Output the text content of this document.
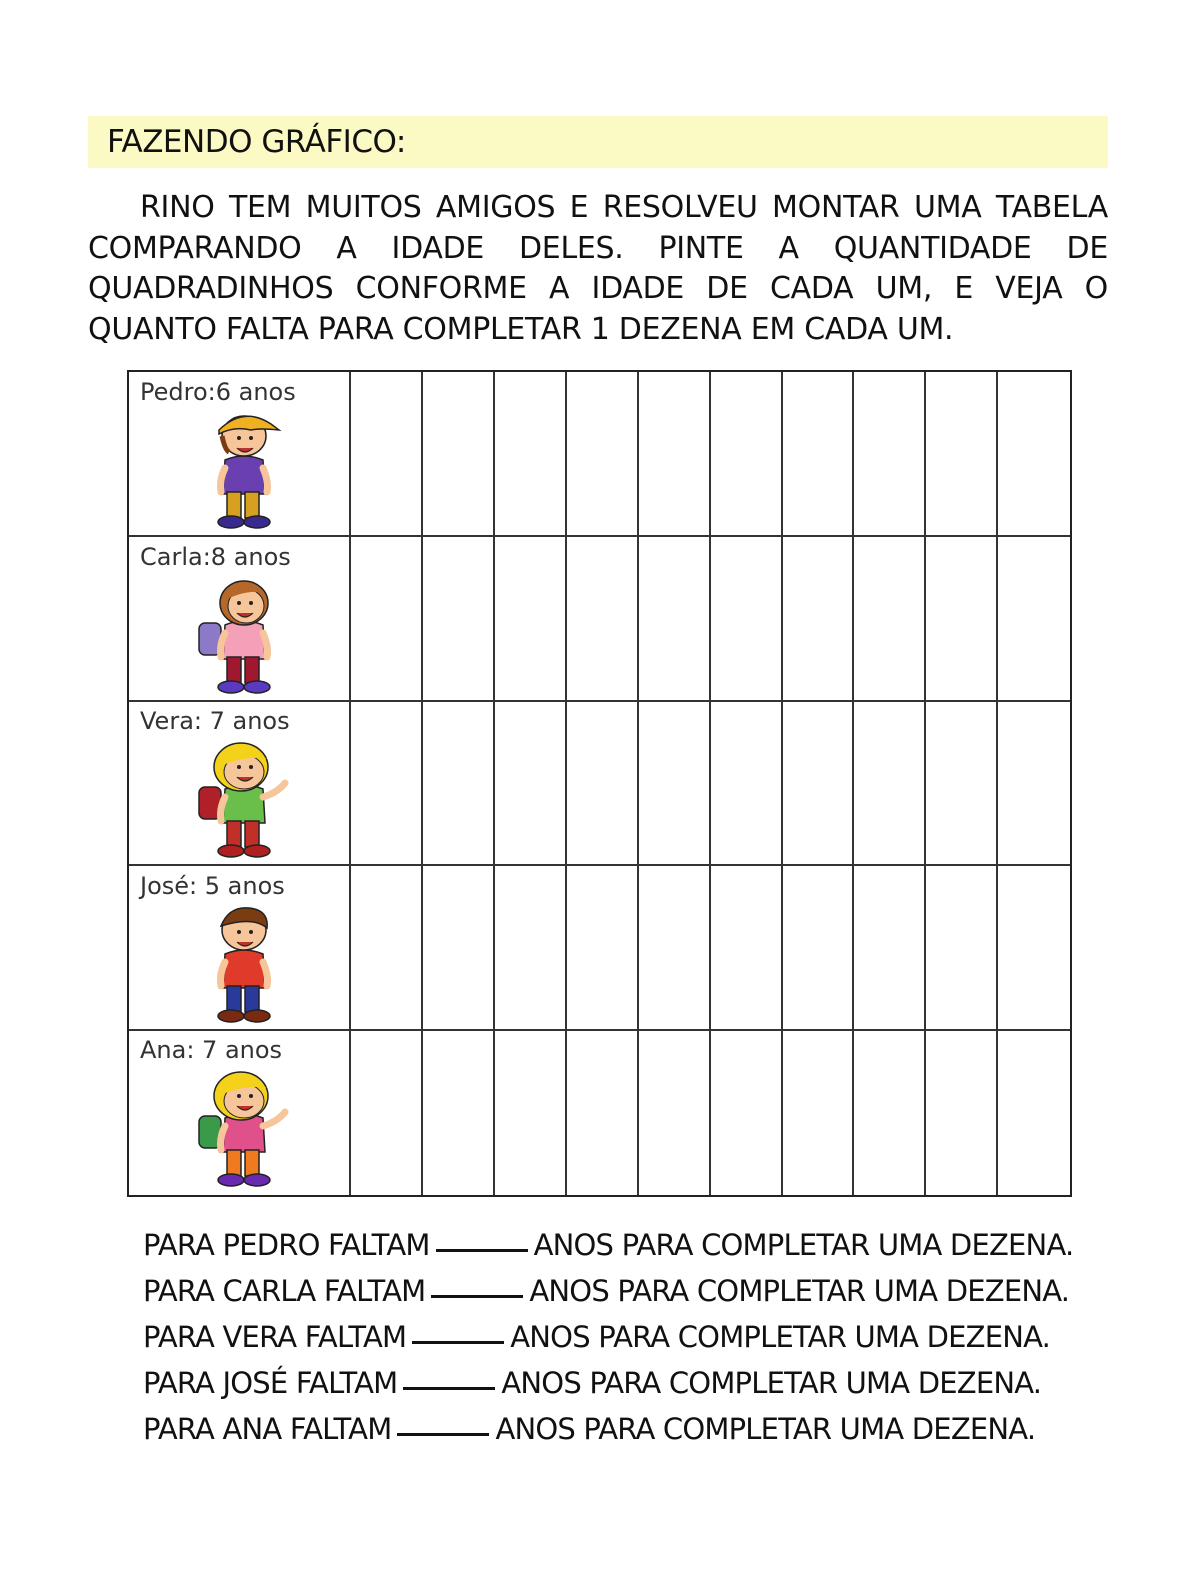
FAZENDO GRÁFICO:

RINO TEM MUITOS AMIGOS E RESOLVEU MONTAR UMA TABELA COMPARANDO A IDADE DELES. PINTE A QUANTIDADE DE QUADRADINHOS CONFORME A IDADE DE CADA UM, E VEJA O QUANTO FALTA PARA COMPLETAR 1 DEZENA EM CADA UM.

Pedro:6 anos
Carla:8 anos
Vera: 7 anos
José: 5 anos
Ana: 7 anos
PARA PEDRO FALTAM	ANOS PARA COMPLETAR UMA DEZENA.
PARA CARLA FALTAM	ANOS PARA COMPLETAR UMA DEZENA.
PARA VERA FALTAM	ANOS PARA COMPLETAR UMA DEZENA.
PARA JOSÉ FALTAM	ANOS PARA COMPLETAR UMA DEZENA.
PARA ANA FALTAM	ANOS PARA COMPLETAR UMA DEZENA.
